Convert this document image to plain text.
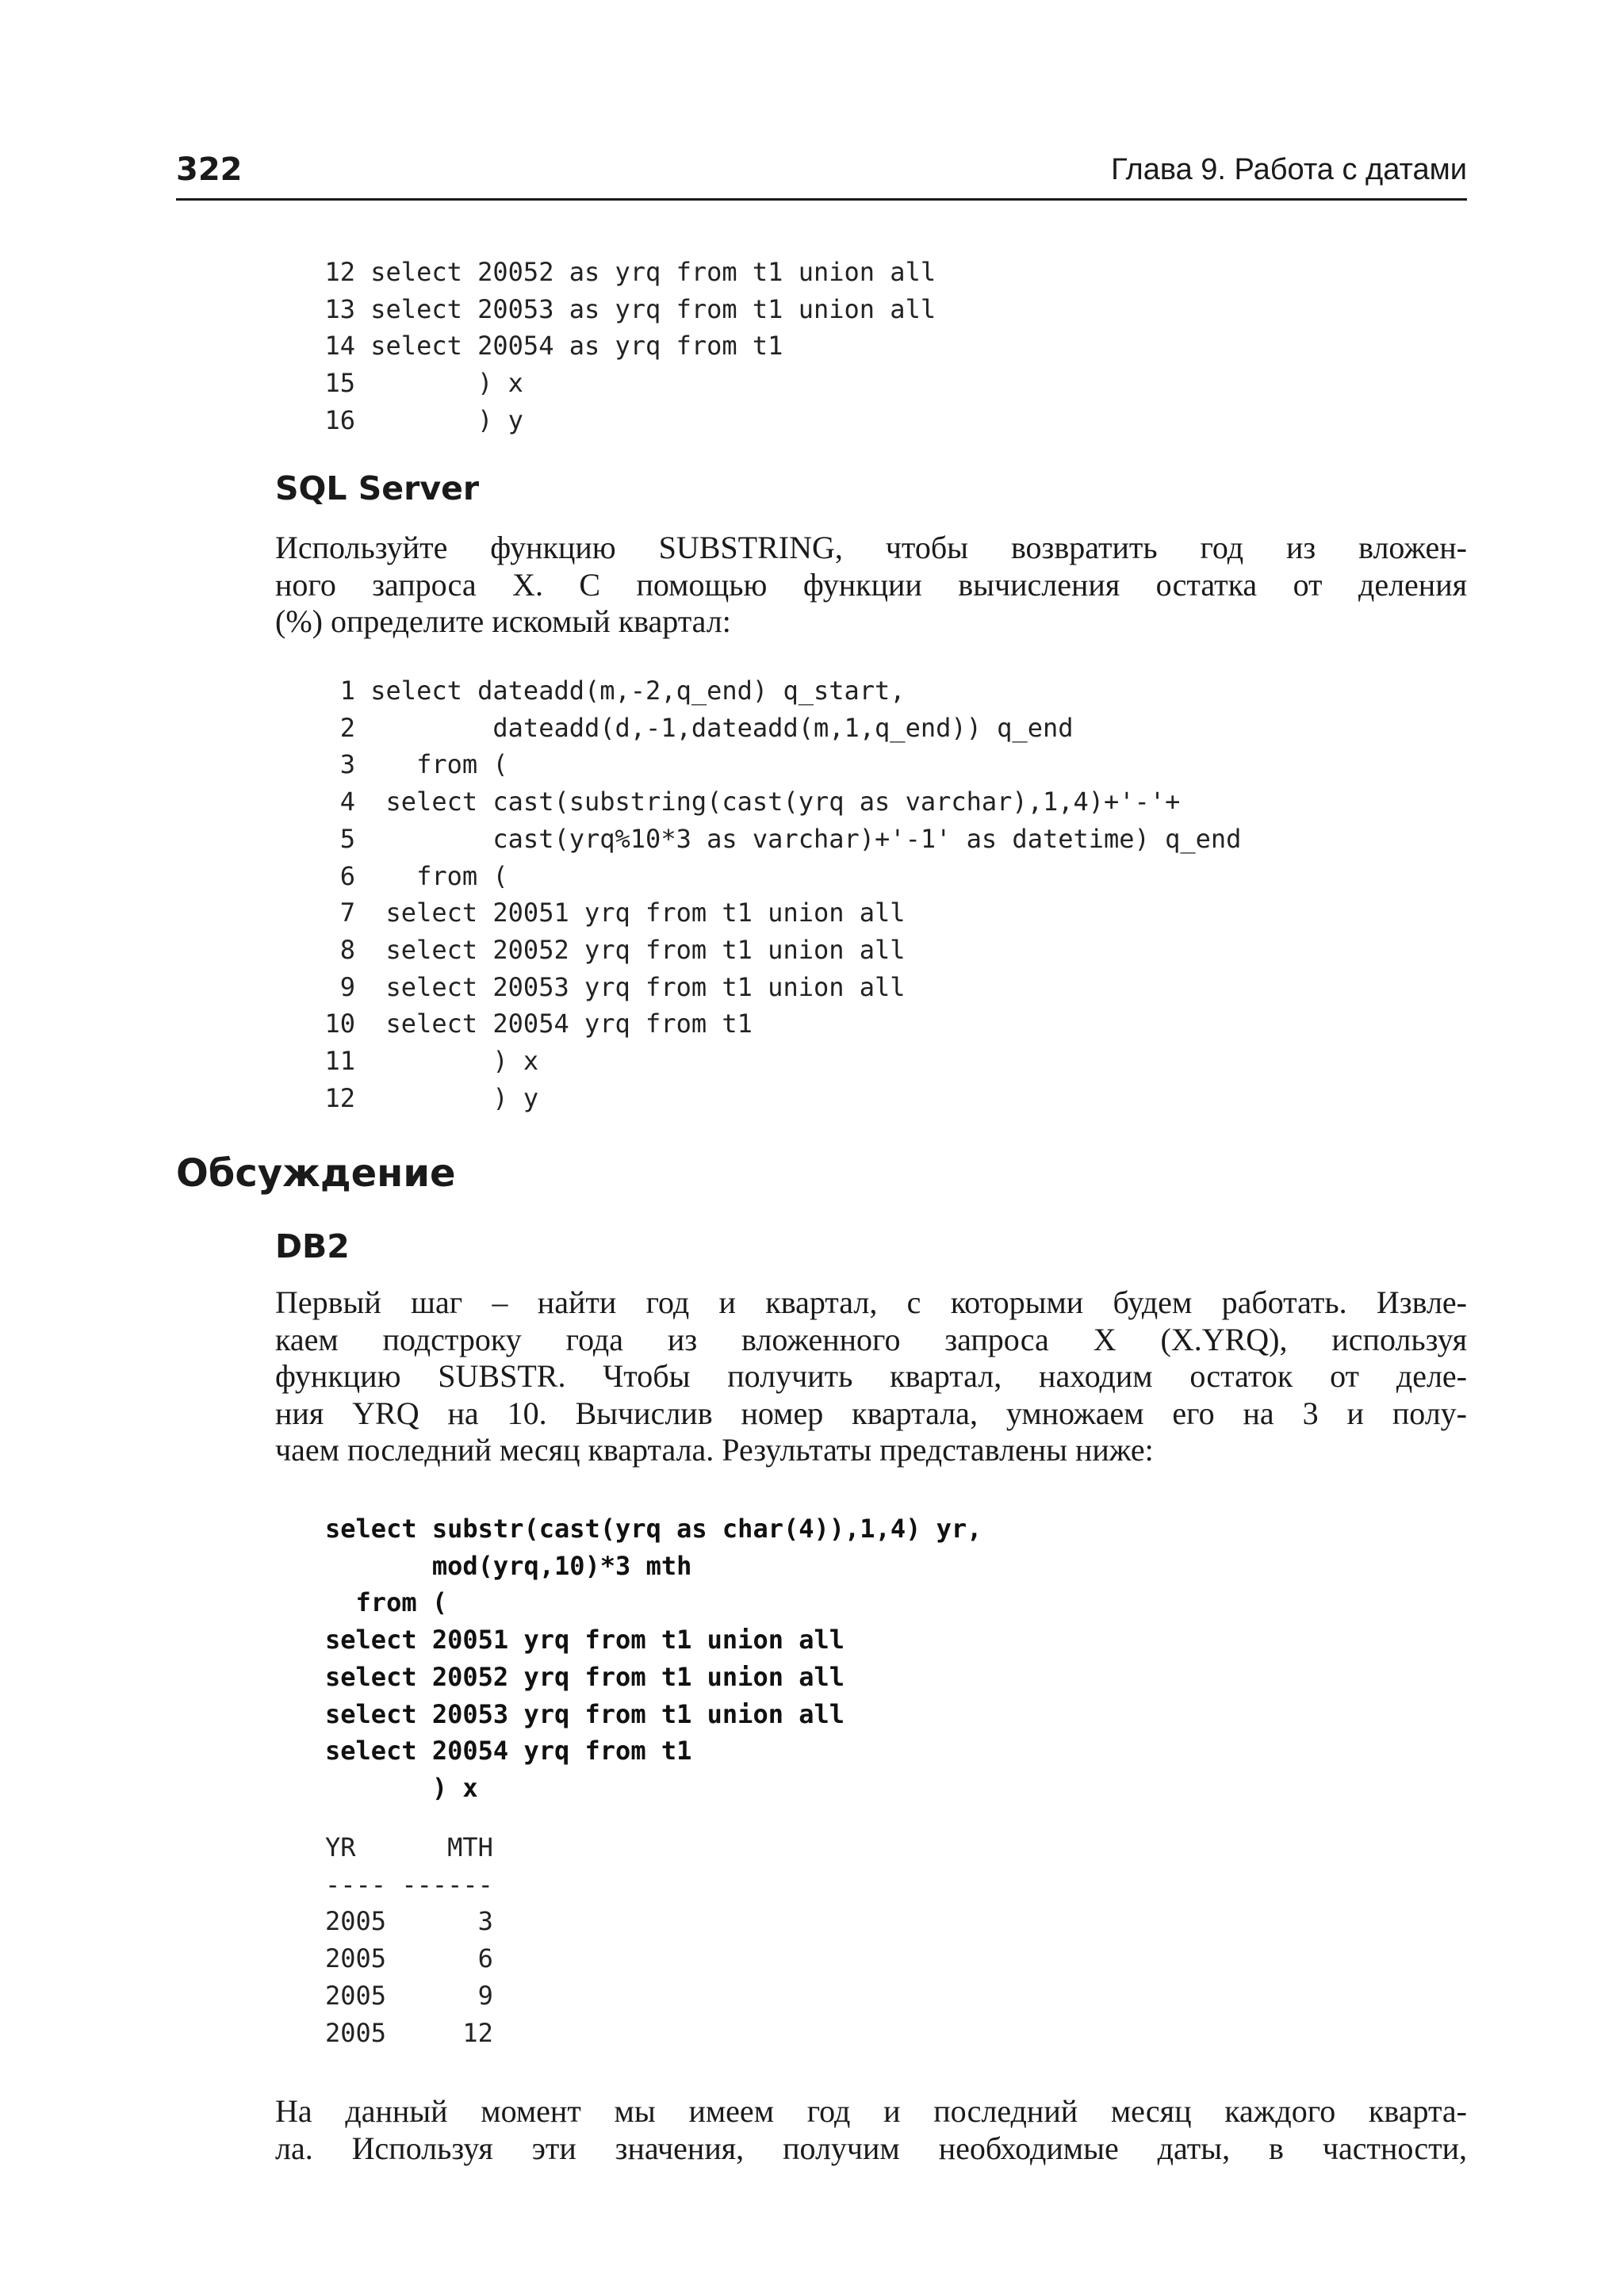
322	Глава 9. Работа с датами
12 select 20052 as yrq from t1 union all
13 select 20053 as yrq from t1 union all
14 select 20054 as yrq from t1
15        ) x
16        ) y
SQL Server

Используйте функцию SUBSTRING, чтобы возвратить год из вложен-
ного запроса X. С помощью функции вычисления остатка от деления
(%) определите искомый квартал:

1 select dateadd(m,-2,q_end) q_start,
2         dateadd(d,-1,dateadd(m,1,q_end)) q_end
3    from (
4  select cast(substring(cast(yrq as varchar),1,4)+'-'+
5         cast(yrq%10*3 as varchar)+'-1' as datetime) q_end
6    from (
7  select 20051 yrq from t1 union all
8  select 20052 yrq from t1 union all
9  select 20053 yrq from t1 union all
10  select 20054 yrq from t1
11         ) x
12         ) y
Обсуждение
DB2

Первый шаг – найти год и квартал, с которыми будем работать. Извле-
каем подстроку года из вложенного запроса X (X.YRQ), используя
функцию SUBSTR. Чтобы получить квартал, находим остаток от деле-
ния YRQ на 10. Вычислив номер квартала, умножаем его на 3 и полу-
чаем последний месяц квартала. Результаты представлены ниже:

select substr(cast(yrq as char(4)),1,4) yr,
mod(yrq,10)*3 mth
from (
select 20051 yrq from t1 union all
select 20052 yrq from t1 union all
select 20053 yrq from t1 union all
select 20054 yrq from t1
) x
YR      MTH
---- ------
2005      3
2005      6
2005      9
2005     12

На данный момент мы имеем год и последний месяц каждого кварта-
ла. Используя эти значения, получим необходимые даты, в частности,
